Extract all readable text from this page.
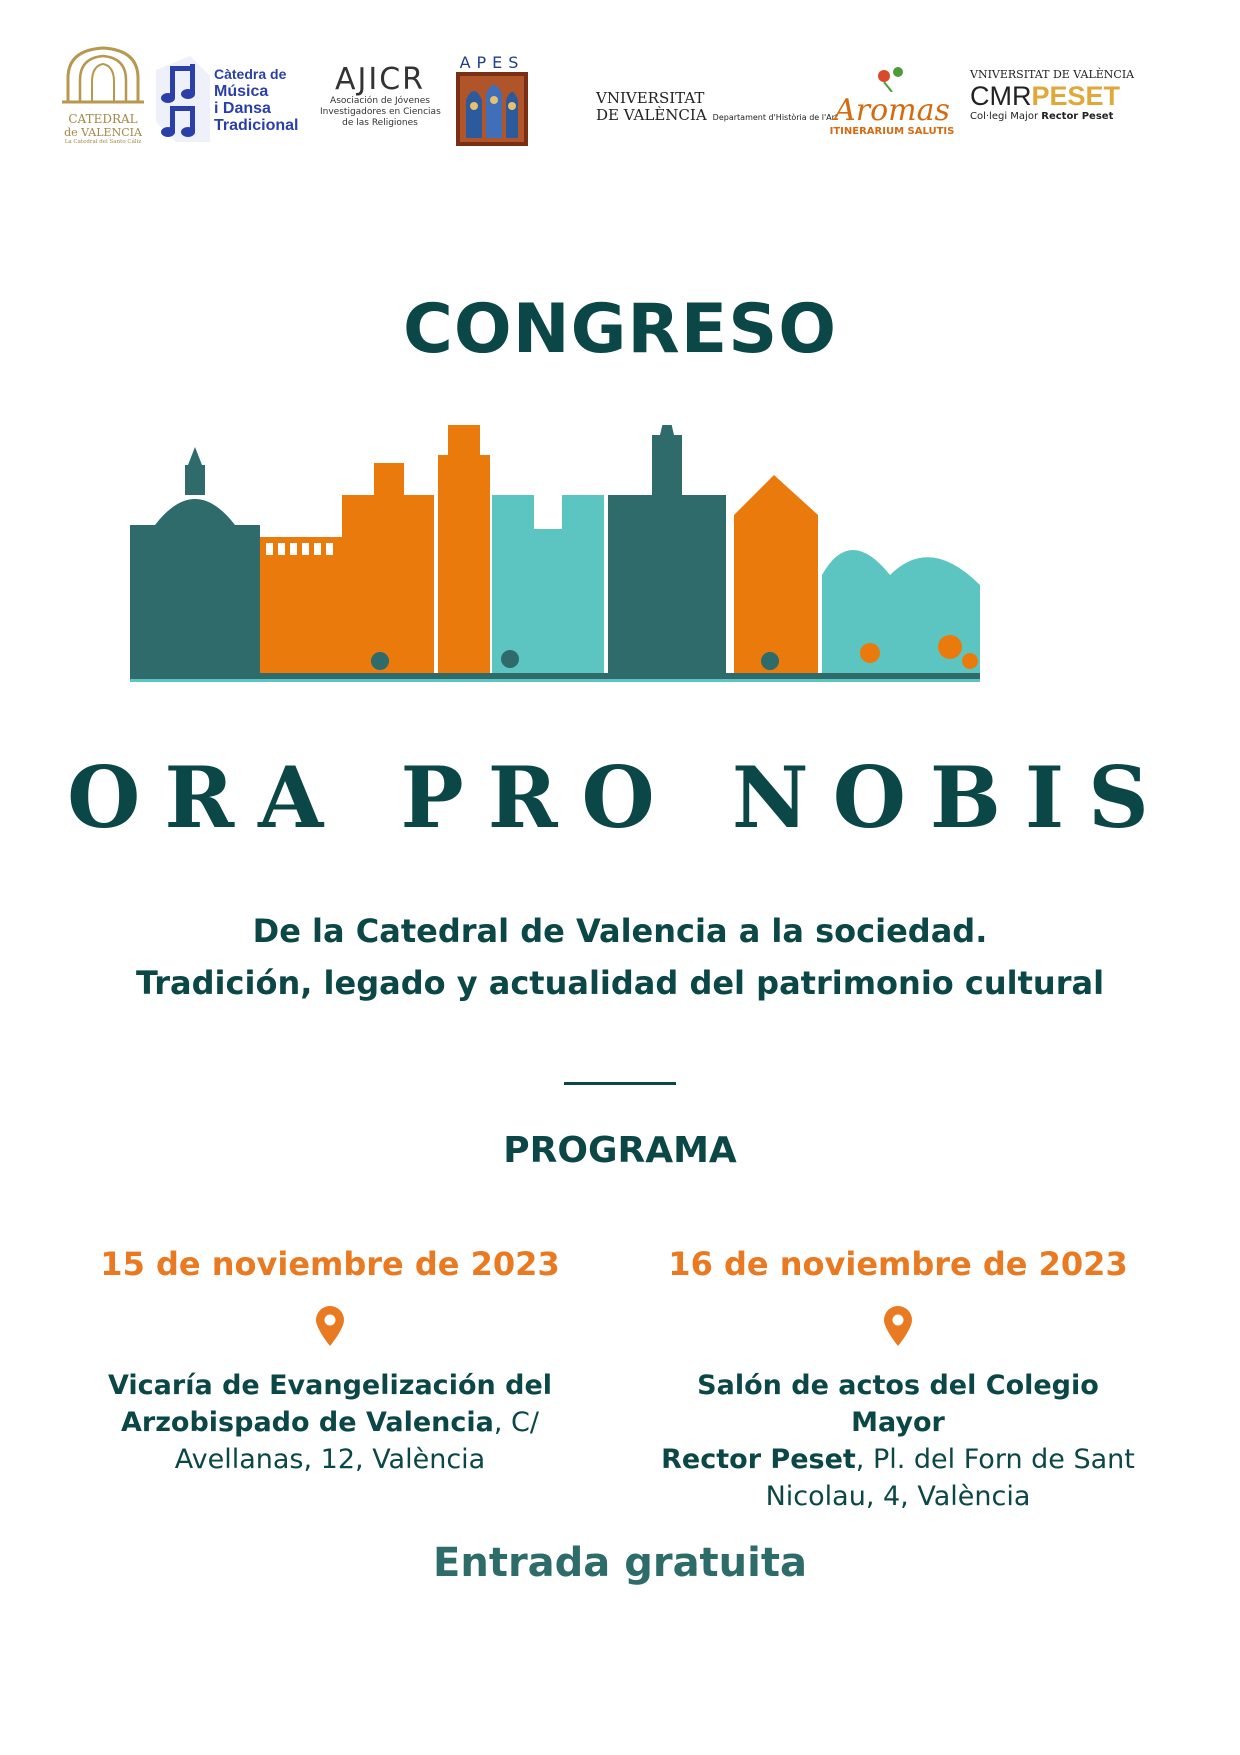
CATEDRAL
de VALENCIA
La Catedral del Santo Cáliz
Càtedra de
Música
i Dansa
Tradicional
AJICR
Asociación de Jóvenes
Investigadores en Ciencias
de las Religiones
APES
VNIVERSITAT
DE VALÈNCIA Departament d'Història de l'Art
Aromas
ITINERARIUM SALUTIS
VNIVERSITAT DE VALÈNCIA
CMRPESET
Col·legi Major Rector Peset
CONGRESO
ORA PRO NOBIS
De la Catedral de Valencia a la sociedad.
Tradición, legado y actualidad del patrimonio cultural
PROGRAMA
15 de noviembre de 2023
Vicaría de Evangelización del
Arzobispado de Valencia, C/
Avellanas, 12, València
16 de noviembre de 2023
Salón de actos del Colegio Mayor
Rector Peset, Pl. del Forn de Sant
Nicolau, 4, València
Entrada gratuita
